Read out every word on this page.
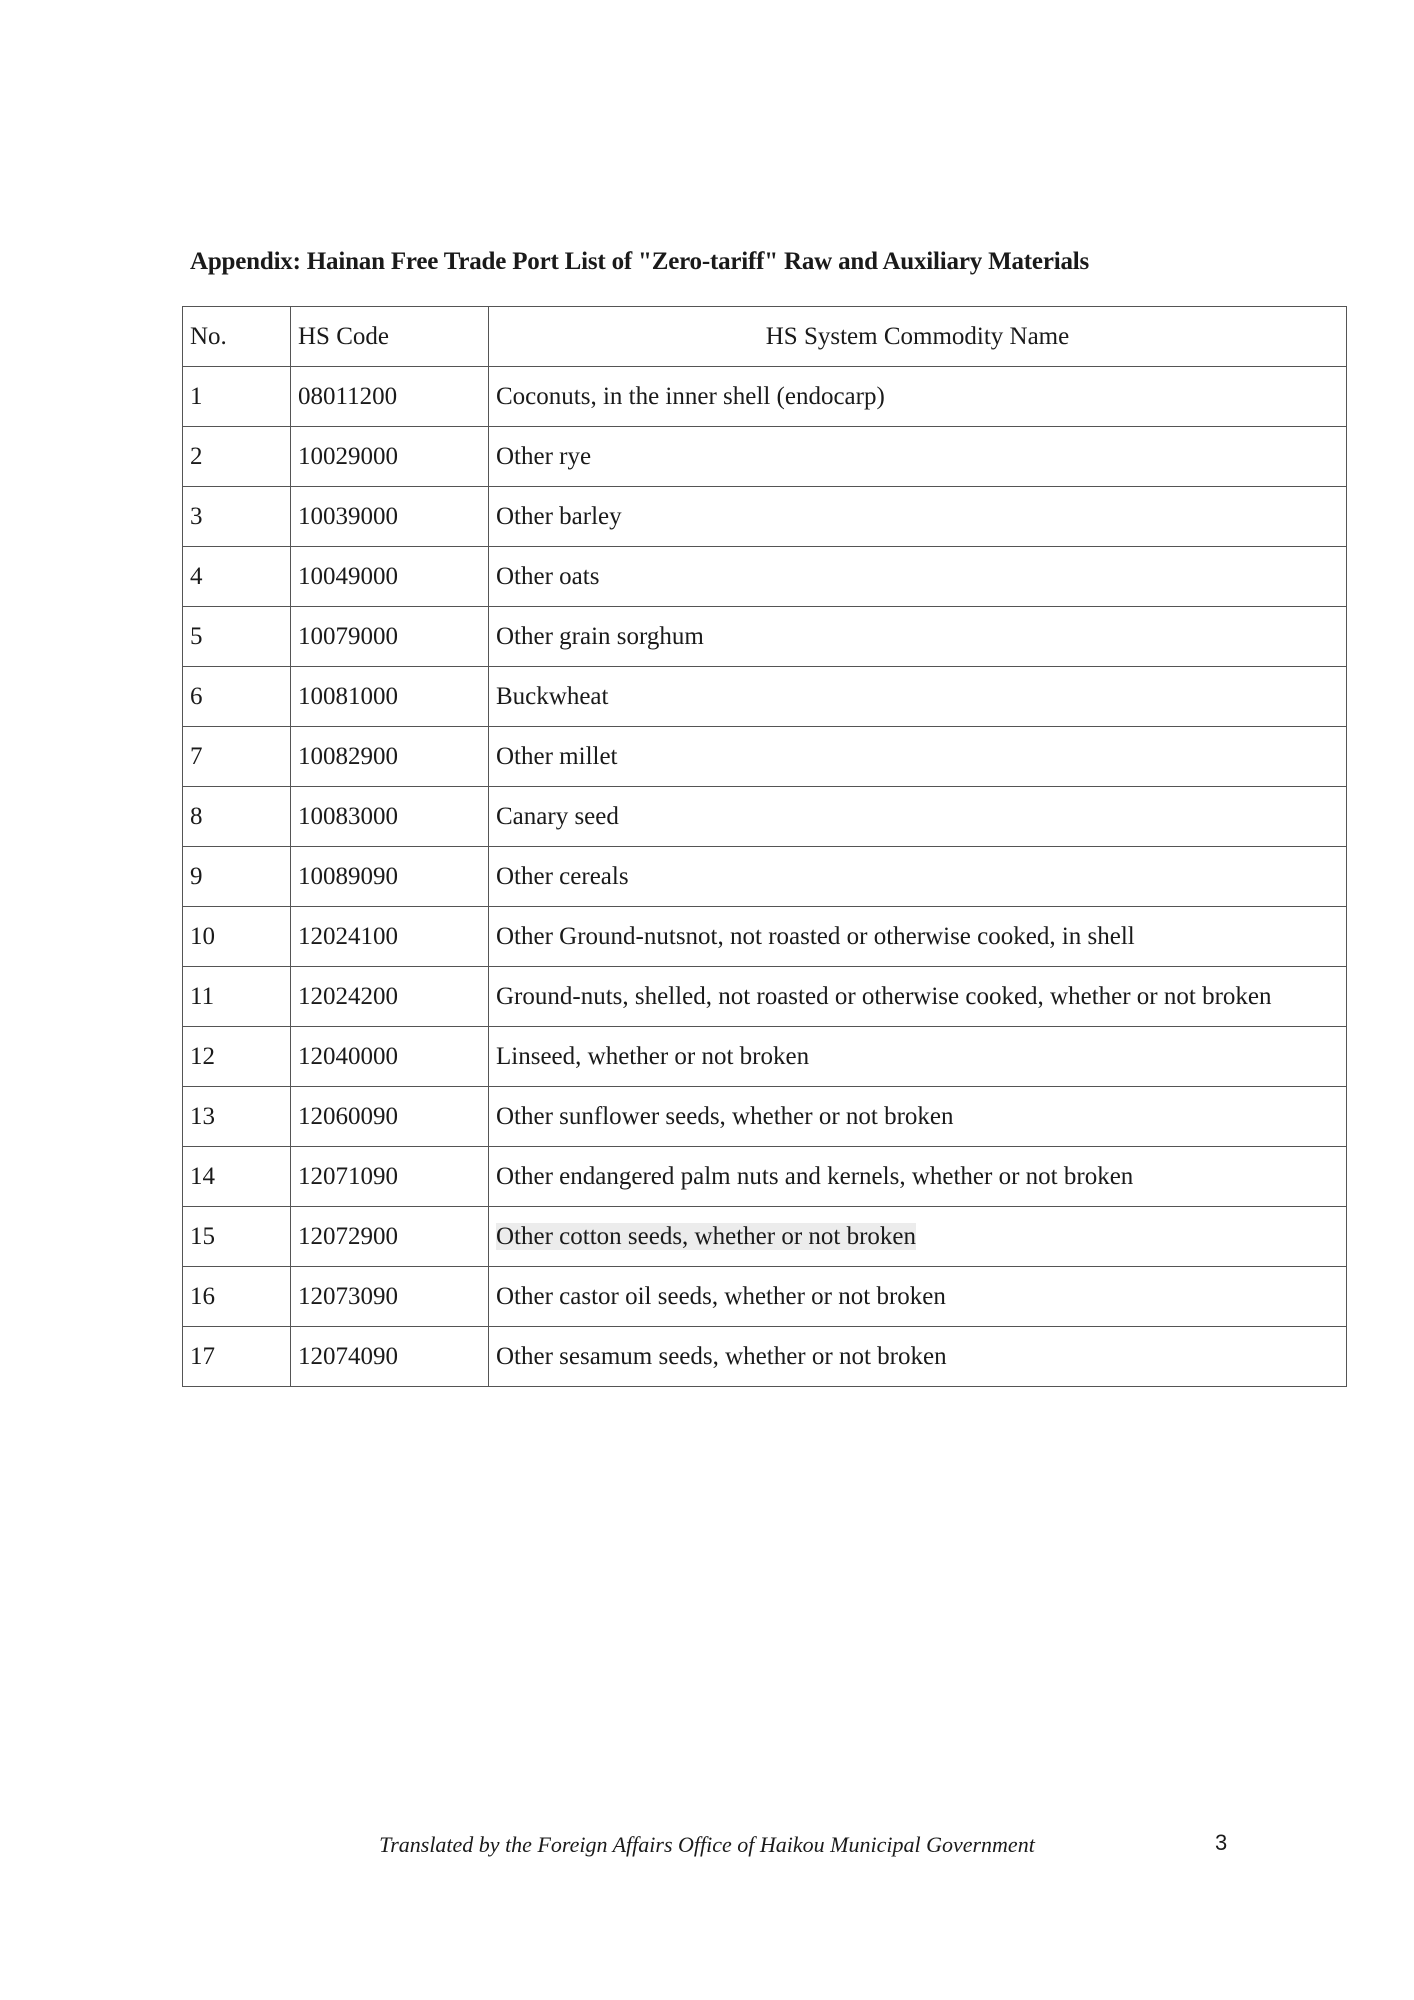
Appendix: Hainan Free Trade Port List of "Zero-tariff" Raw and Auxiliary Materials
No.	HS Code	HS System Commodity Name
1	08011200	Coconuts, in the inner shell (endocarp)
2	10029000	Other rye
3	10039000	Other barley
4	10049000	Other oats
5	10079000	Other grain sorghum
6	10081000	Buckwheat
7	10082900	Other millet
8	10083000	Canary seed
9	10089090	Other cereals
10	12024100	Other Ground-nutsnot, not roasted or otherwise cooked, in shell
11	12024200	Ground-nuts, shelled, not roasted or otherwise cooked, whether or not broken
12	12040000	Linseed, whether or not broken
13	12060090	Other sunflower seeds, whether or not broken
14	12071090	Other endangered palm nuts and kernels, whether or not broken
15	12072900	Other cotton seeds, whether or not broken
16	12073090	Other castor oil seeds, whether or not broken
17	12074090	Other sesamum seeds, whether or not broken
Translated by the Foreign Affairs Office of Haikou Municipal Government	3
